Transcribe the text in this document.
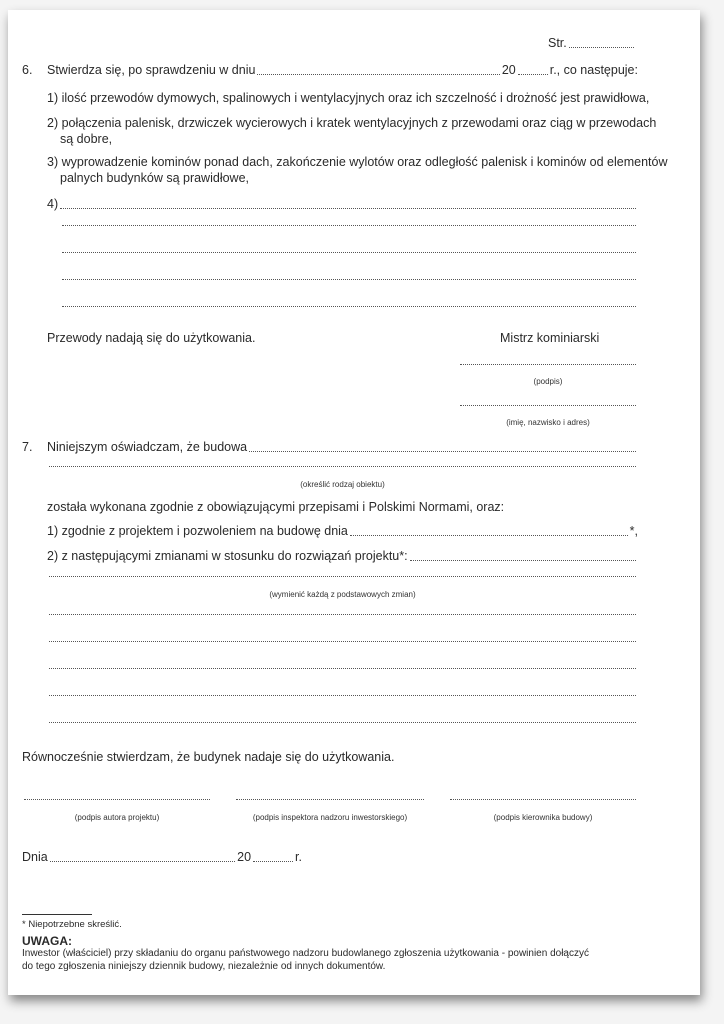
Str.
6.	Stwierdza się, po sprawdzeniu w dniu	20	r., co następuje:
1) ilość przewodów dymowych, spalinowych i wentylacyjnych oraz ich szczelność i drożność jest prawidłowa,
2) połączenia palenisk, drzwiczek wycierowych i kratek wentylacyjnych z przewodami oraz ciąg w przewodach
są dobre,
3) wyprowadzenie kominów ponad dach, zakończenie wylotów oraz odległość palenisk i kominów od elementów
palnych budynków są prawidłowe,
4)
Przewody nadają się do użytkowania.	Mistrz kominiarski
(podpis)
(imię, nazwisko i adres)
7.	Niniejszym oświadczam, że budowa
(określić rodzaj obiektu)
została wykonana zgodnie z obowiązującymi przepisami i Polskimi Normami, oraz:
1) zgodnie z projektem i pozwoleniem na budowę dnia	*,
2) z następującymi zmianami w stosunku do rozwiązań projektu*:
(wymienić każdą z podstawowych zmian)
Równocześnie stwierdzam, że budynek nadaje się do użytkowania.
(podpis autora projektu)	(podpis inspektora nadzoru inwestorskiego)	(podpis kierownika budowy)
Dnia	20	r.
* Niepotrzebne skreślić.
UWAGA:
Inwestor (właściciel) przy składaniu do organu państwowego nadzoru budowlanego zgłoszenia użytkowania - powinien dołączyć
do tego zgłoszenia niniejszy dziennik budowy, niezależnie od innych dokumentów.
